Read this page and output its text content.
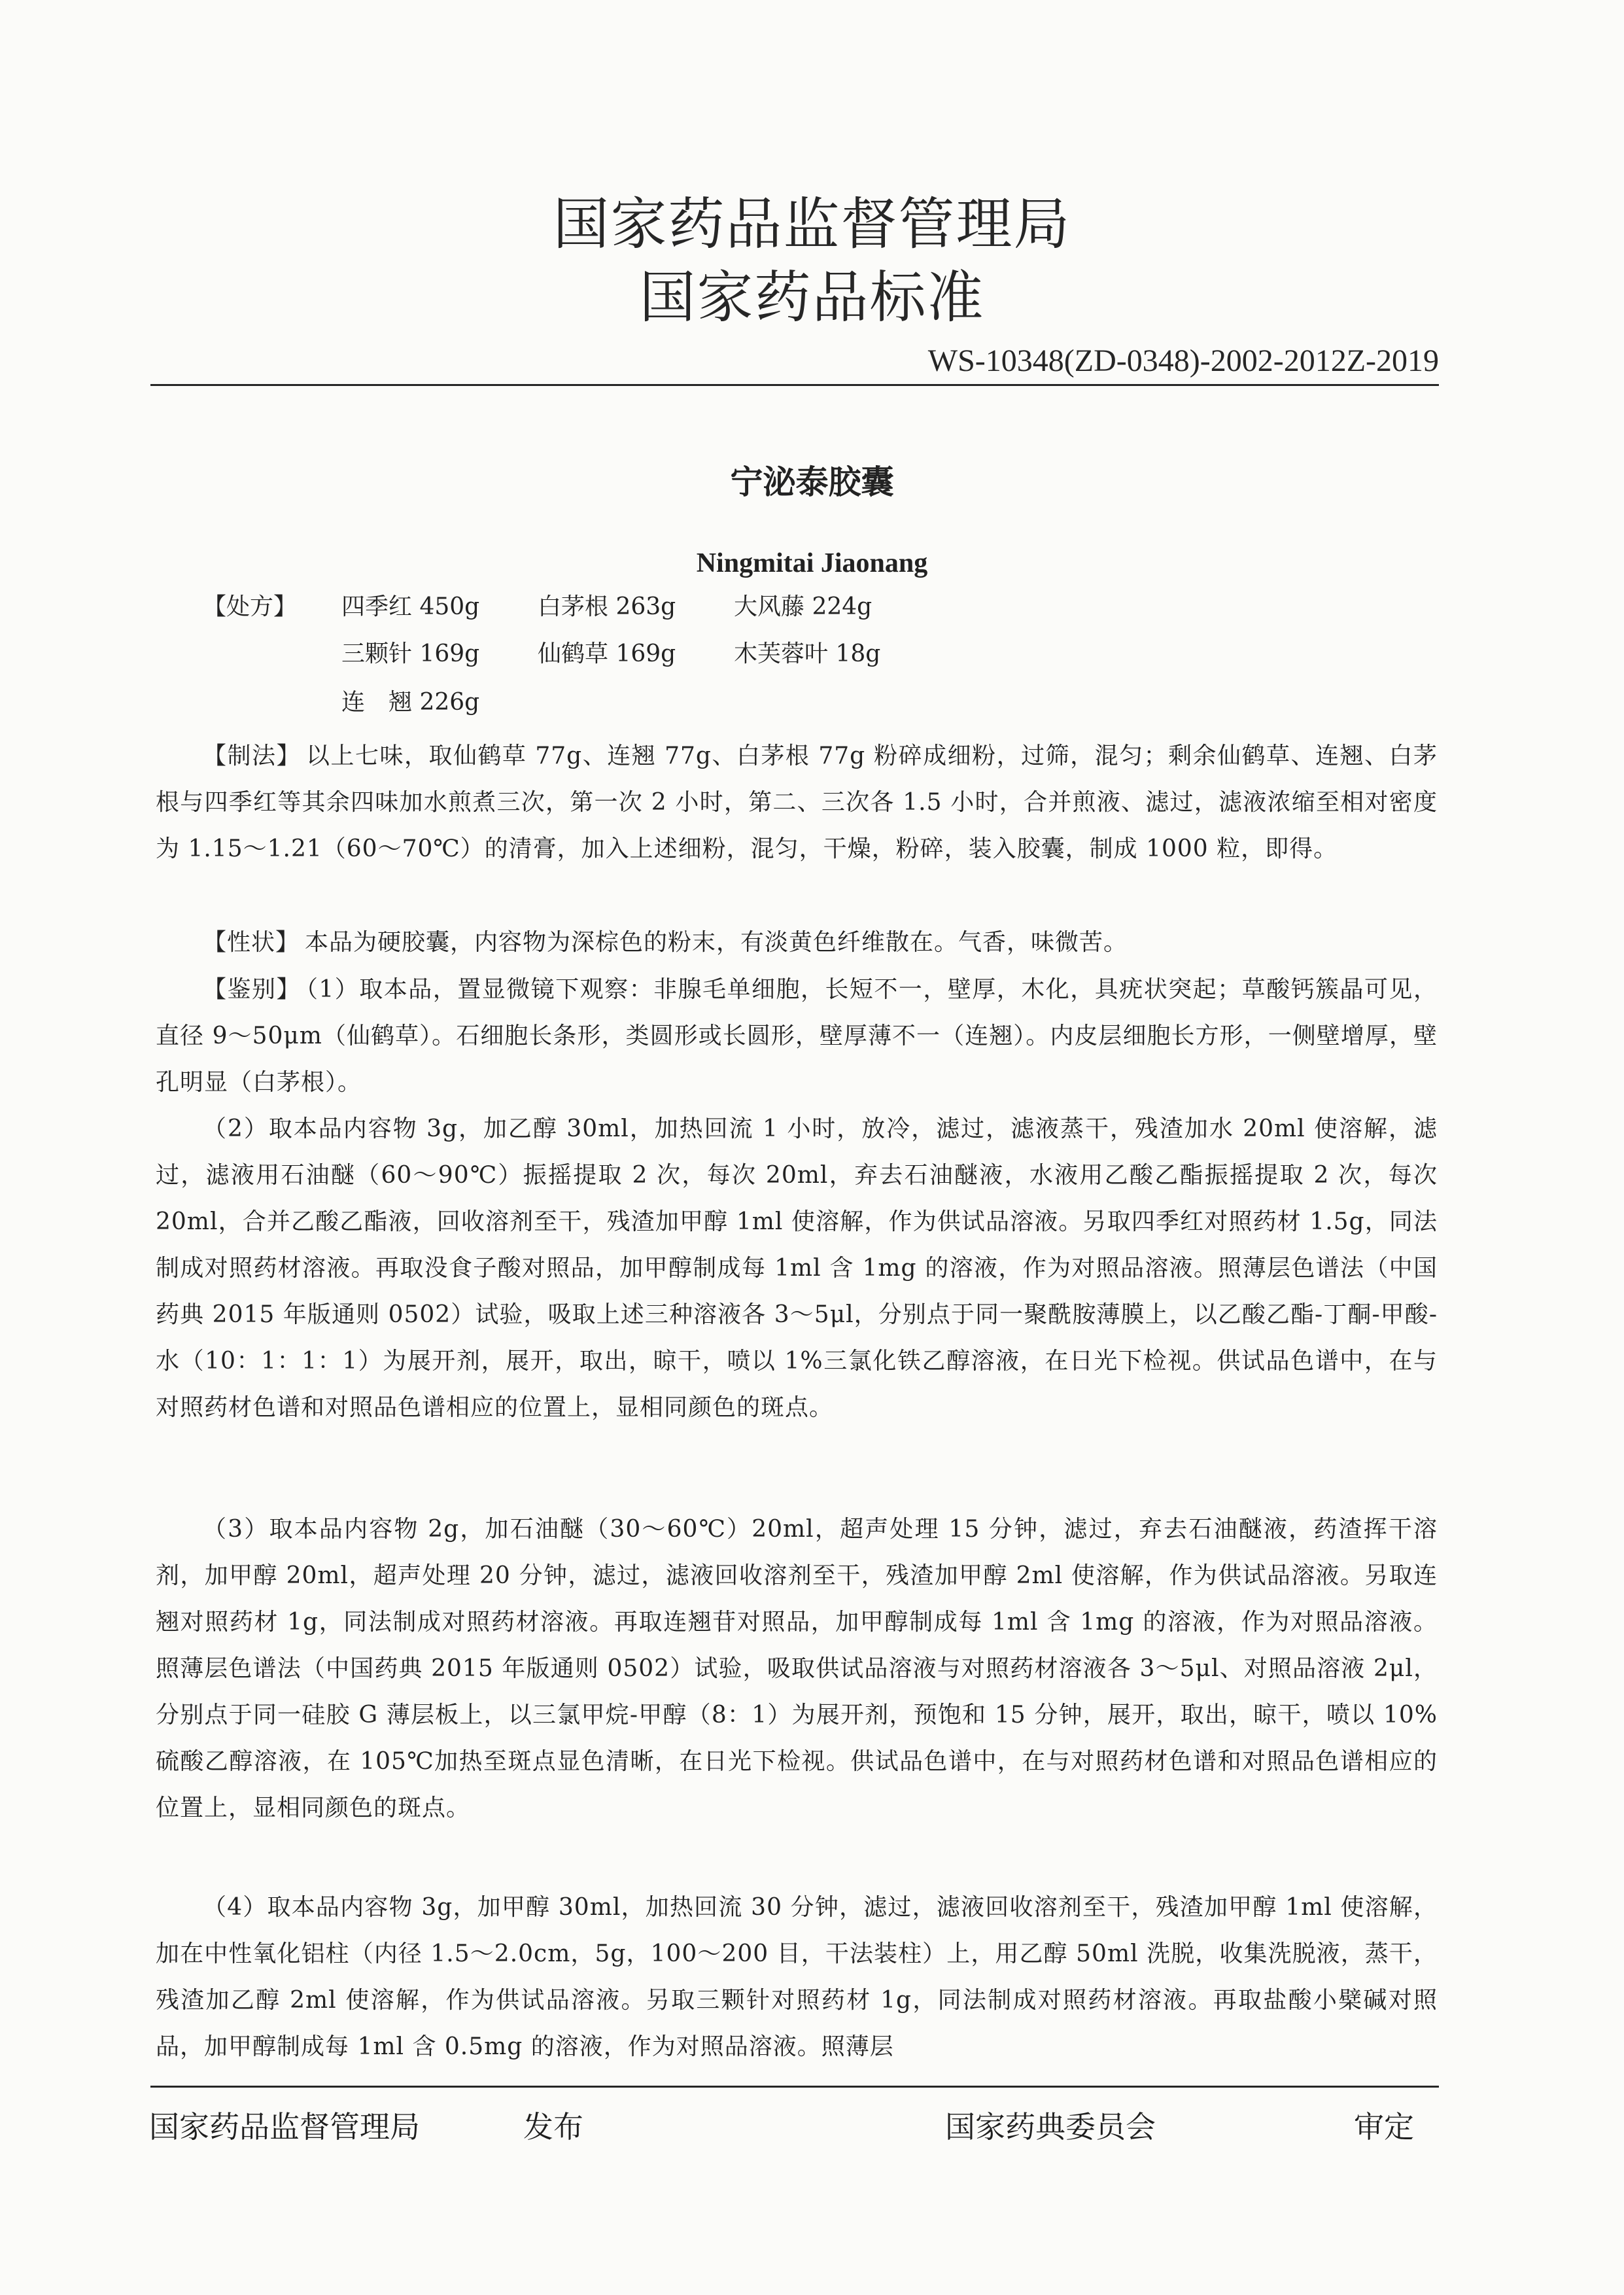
国家药品监督管理局
国家药品标准
WS-10348(ZD-0348)-2002-2012Z-2019
宁泌泰胶囊
Ningmitai Jiaonang
【处方】 四季红 450g 白茅根 263g 大风藤 224g
三颗针 169g 仙鹤草 169g 木芙蓉叶 18g
连　翘 226g
【制法】 以上七味，取仙鹤草 77g、连翘 77g、白茅根 77g 粉碎成细粉，过筛，混匀；剩余仙鹤草、连翘、白茅根与四季红等其余四味加水煎煮三次，第一次 2 小时，第二、三次各 1.5 小时，合并煎液、滤过，滤液浓缩至相对密度为 1.15～1.21（60～70℃）的清膏，加入上述细粉，混匀，干燥，粉碎，装入胶囊，制成 1000 粒，即得。
【性状】 本品为硬胶囊，内容物为深棕色的粉末，有淡黄色纤维散在。气香，味微苦。
【鉴别】 （1）取本品，置显微镜下观察：非腺毛单细胞，长短不一，壁厚，木化，具疣状突起；草酸钙簇晶可见，直径 9～50μm（仙鹤草）。石细胞长条形，类圆形或长圆形，壁厚薄不一（连翘）。内皮层细胞长方形，一侧壁增厚，壁孔明显（白茅根）。
（2）取本品内容物 3g，加乙醇 30ml，加热回流 1 小时，放冷，滤过，滤液蒸干，残渣加水 20ml 使溶解，滤过，滤液用石油醚（60～90℃）振摇提取 2 次，每次 20ml，弃去石油醚液，水液用乙酸乙酯振摇提取 2 次，每次 20ml，合并乙酸乙酯液，回收溶剂至干，残渣加甲醇 1ml 使溶解，作为供试品溶液。另取四季红对照药材 1.5g，同法制成对照药材溶液。再取没食子酸对照品，加甲醇制成每 1ml 含 1mg 的溶液，作为对照品溶液。照薄层色谱法（中国药典 2015 年版通则 0502）试验，吸取上述三种溶液各 3～5μl，分别点于同一聚酰胺薄膜上，以乙酸乙酯-丁酮-甲酸-水（10：1：1：1）为展开剂，展开，取出，晾干，喷以 1%三氯化铁乙醇溶液，在日光下检视。供试品色谱中，在与对照药材色谱和对照品色谱相应的位置上，显相同颜色的斑点。
（3）取本品内容物 2g，加石油醚（30～60℃）20ml，超声处理 15 分钟，滤过，弃去石油醚液，药渣挥干溶剂，加甲醇 20ml，超声处理 20 分钟，滤过，滤液回收溶剂至干，残渣加甲醇 2ml 使溶解，作为供试品溶液。另取连翘对照药材 1g，同法制成对照药材溶液。再取连翘苷对照品，加甲醇制成每 1ml 含 1mg 的溶液，作为对照品溶液。照薄层色谱法（中国药典 2015 年版通则 0502）试验，吸取供试品溶液与对照药材溶液各 3～5μl、对照品溶液 2μl，分别点于同一硅胶 G 薄层板上，以三氯甲烷-甲醇（8：1）为展开剂，预饱和 15 分钟，展开，取出，晾干，喷以 10%硫酸乙醇溶液，在 105℃加热至斑点显色清晰，在日光下检视。供试品色谱中，在与对照药材色谱和对照品色谱相应的位置上，显相同颜色的斑点。
（4）取本品内容物 3g，加甲醇 30ml，加热回流 30 分钟，滤过，滤液回收溶剂至干，残渣加甲醇 1ml 使溶解，加在中性氧化铝柱（内径 1.5～2.0cm，5g，100～200 目，干法装柱）上，用乙醇 50ml 洗脱，收集洗脱液，蒸干，残渣加乙醇 2ml 使溶解，作为供试品溶液。另取三颗针对照药材 1g，同法制成对照药材溶液。再取盐酸小檗碱对照品，加甲醇制成每 1ml 含 0.5mg 的溶液，作为对照品溶液。照薄层
国家药品监督管理局	发布	国家药典委员会	审定
